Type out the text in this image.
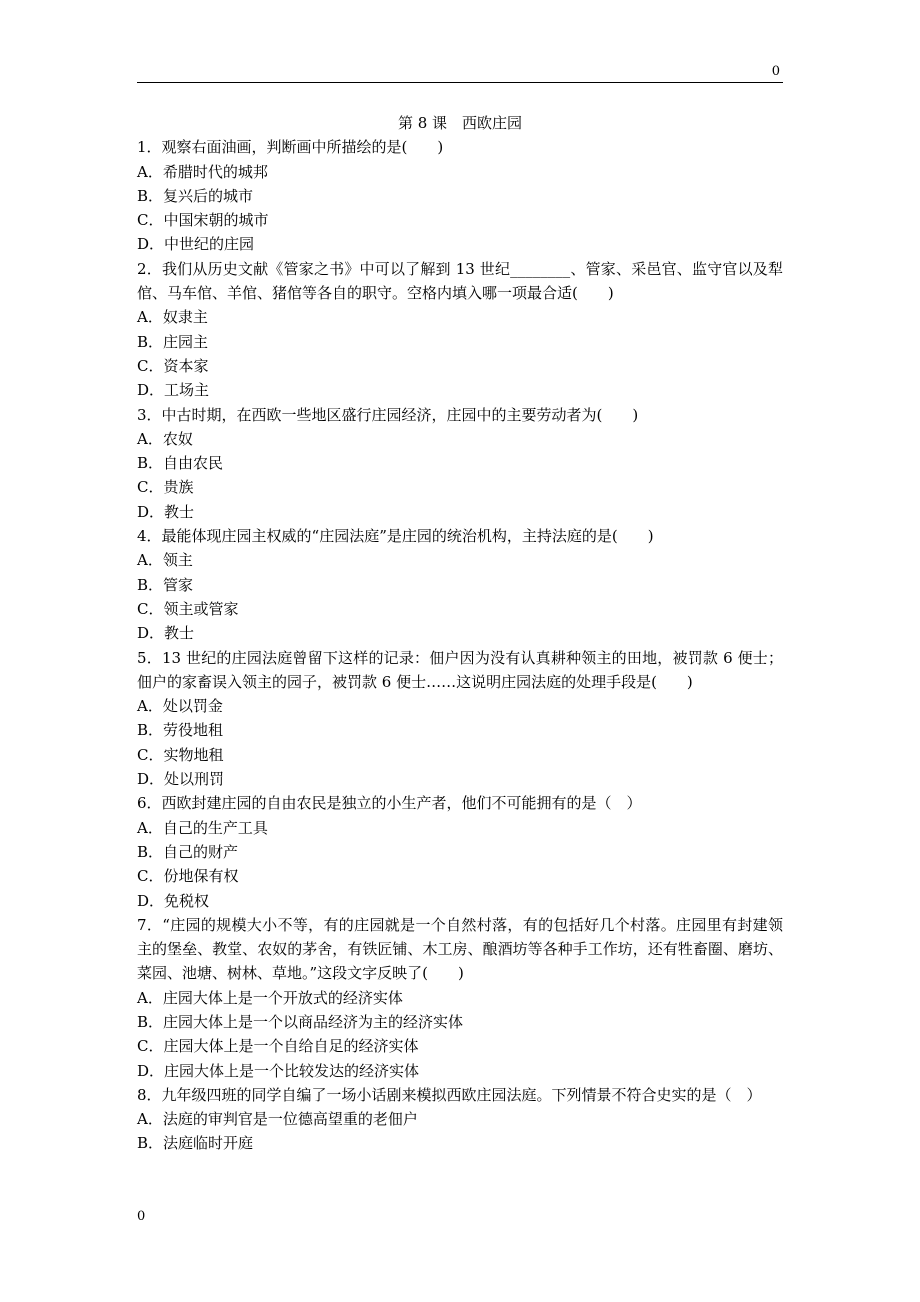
0

第 8 课　西欧庄园

1．观察右面油画，判断画中所描绘的是(　　)

A．希腊时代的城邦

B．复兴后的城市

C．中国宋朝的城市

D．中世纪的庄园

2．我们从历史文献《管家之书》中可以了解到 13 世纪________、管家、采邑官、监守官以及犁倌、马车倌、羊倌、猪倌等各自的职守。空格内填入哪一项最合适(　　)

A．奴隶主

B．庄园主

C．资本家

D．工场主

3．中古时期，在西欧一些地区盛行庄园经济，庄园中的主要劳动者为(　　)

A．农奴

B．自由农民

C．贵族

D．教士

4．最能体现庄园主权威的“庄园法庭”是庄园的统治机构，主持法庭的是(　　)

A．领主

B．管家

C．领主或管家

D．教士

5．13 世纪的庄园法庭曾留下这样的记录：佃户因为没有认真耕种领主的田地，被罚款 6 便士；佃户的家畜误入领主的园子，被罚款 6 便士……这说明庄园法庭的处理手段是(　　)

A．处以罚金

B．劳役地租

C．实物地租

D．处以刑罚

6．西欧封建庄园的自由农民是独立的小生产者，他们不可能拥有的是（　）

A．自己的生产工具

B．自己的财产

C．份地保有权

D．免税权

7．“庄园的规模大小不等，有的庄园就是一个自然村落，有的包括好几个村落。庄园里有封建领主的堡垒、教堂、农奴的茅舍，有铁匠铺、木工房、酿酒坊等各种手工作坊，还有牲畜圈、磨坊、菜园、池塘、树林、草地。”这段文字反映了(　　)

A．庄园大体上是一个开放式的经济实体

B．庄园大体上是一个以商品经济为主的经济实体

C．庄园大体上是一个自给自足的经济实体

D．庄园大体上是一个比较发达的经济实体

8．九年级四班的同学自编了一场小话剧来模拟西欧庄园法庭。下列情景不符合史实的是（　）

A．法庭的审判官是一位德高望重的老佃户

B．法庭临时开庭

0
